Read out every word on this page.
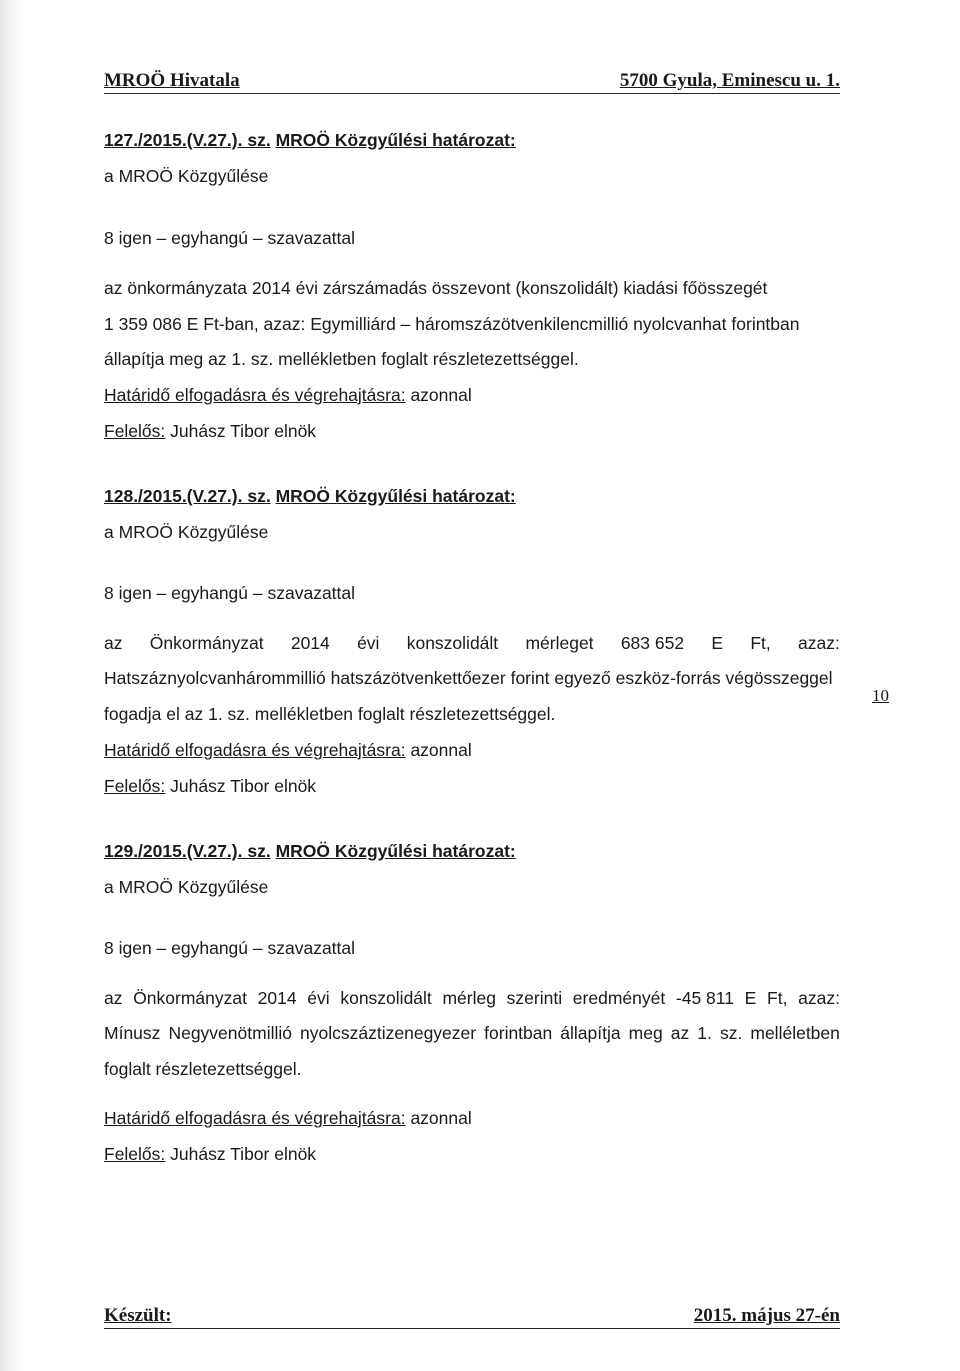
MROÖ Hivatala	5700 Gyula, Eminescu u. 1.
127./2015.(V.27.). sz. MROÖ Közgyűlési határozat:
a MROÖ Közgyűlése
8 igen – egyhangú – szavazattal
az önkormányzata 2014 évi zárszámadás összevont (konszolidált) kiadási főösszegét
1 359 086 E Ft-ban, azaz: Egymilliárd – háromszázötvenkilencmillió nyolcvanhat forintban
állapítja meg az 1. sz. mellékletben foglalt részletezettséggel.
Határidő elfogadásra és végrehajtásra: azonnal
Felelős: Juhász Tibor elnök
128./2015.(V.27.). sz. MROÖ Közgyűlési határozat:
a MROÖ Közgyűlése
8 igen – egyhangú – szavazattal
az Önkormányzat 2014 évi konszolidált mérleget 683 652 E Ft, azaz:
Hatszáznyolcvanhárommillió hatszázötvenkettőezer forint egyező eszköz-forrás végösszeggel
fogadja el az 1. sz. mellékletben foglalt részletezettséggel.
Határidő elfogadásra és végrehajtásra: azonnal
Felelős: Juhász Tibor elnök
129./2015.(V.27.). sz. MROÖ Közgyűlési határozat:
a MROÖ Közgyűlése
8 igen – egyhangú – szavazattal
az Önkormányzat 2014 évi konszolidált mérleg szerinti eredményét -45 811 E Ft, azaz:
Mínusz Negyvenötmillió nyolcszáztizenegyezer forintban állapítja meg az 1. sz. melléletben
foglalt részletezettséggel.
Határidő elfogadásra és végrehajtásra: azonnal
Felelős: Juhász Tibor elnök
10
Készült:	2015. május 27-én
